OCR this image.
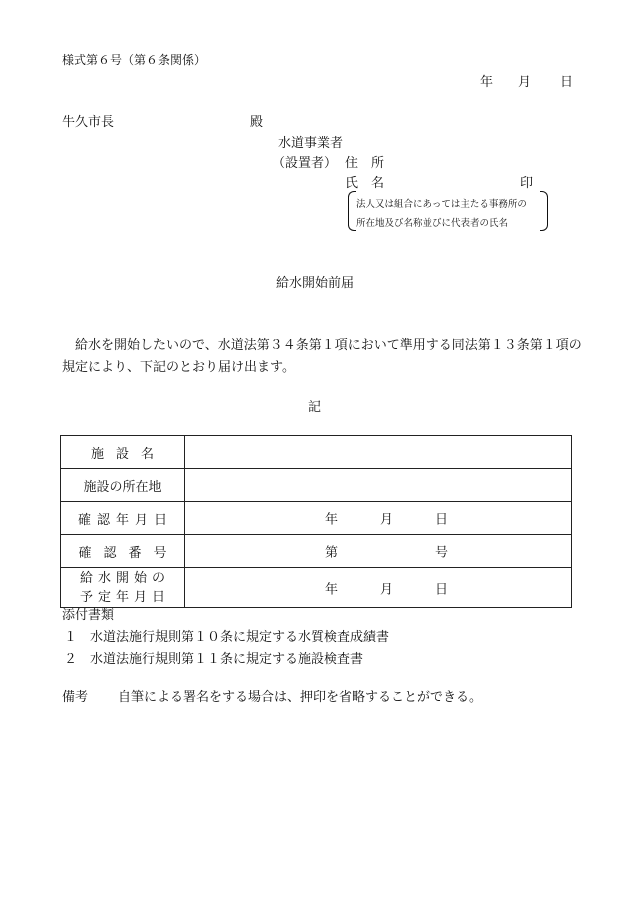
様式第６号（第６条関係）
年 月 日
牛久市長	殿
水道事業者
（設置者） 住　所
氏　名	印
法人又は組合にあっては主たる事務所の
所在地及び名称並びに代表者の氏名
給水開始前届
給水を開始したいので、水道法第３４条第１項において準用する同法第１３条第１項の規定により、下記のとおり届け出ます。
記
施設名	
施設の所在地	
確認年月日	年 月 日

確認番号	第 号

給水開始の
予定年月日	年 月 日
添付書類
１　水道法施行規則第１０条に規定する水質検査成績書
２　水道法施行規則第１１条に規定する施設検査書
備考 自筆による署名をする場合は、押印を省略することができる。
